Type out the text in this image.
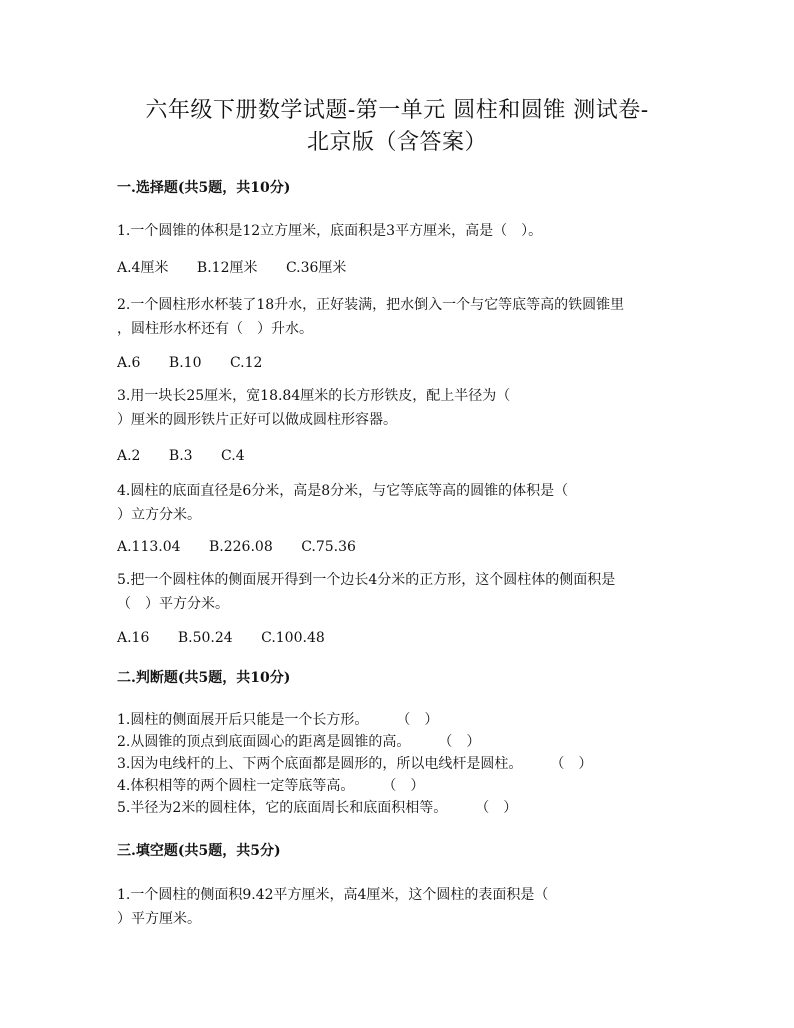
六年级下册数学试题-第一单元 圆柱和圆锥 测试卷-
北京版（含答案）
一.选择题(共5题，共10分)
1.一个圆锥的体积是12立方厘米，底面积是3平方厘米，高是（　）。
A.4厘米 B.12厘米 C.36厘米
2.一个圆柱形水杯装了18升水，正好装满，把水倒入一个与它等底等高的铁圆锥里
，圆柱形水杯还有（　）升水。
A.6 B.10 C.12
3.用一块长25厘米，宽18.84厘米的长方形铁皮，配上半径为（
）厘米的圆形铁片正好可以做成圆柱形容器。
A.2 B.3 C.4
4.圆柱的底面直径是6分米，高是8分米，与它等底等高的圆锥的体积是（
）立方分米。
A.113.04 B.226.08 C.75.36
5.把一个圆柱体的侧面展开得到一个边长4分米的正方形，这个圆柱体的侧面积是
（　）平方分米。
A.16 B.50.24 C.100.48
二.判断题(共5题，共10分)
1.圆柱的侧面展开后只能是一个长方形。 （　）
2.从圆锥的顶点到底面圆心的距离是圆锥的高。 （　）
3.因为电线杆的上、下两个底面都是圆形的，所以电线杆是圆柱。 （　）
4.体积相等的两个圆柱一定等底等高。 （　）
5.半径为2米的圆柱体，它的底面周长和底面积相等。 （　）
三.填空题(共5题，共5分)
1.一个圆柱的侧面积9.42平方厘米，高4厘米，这个圆柱的表面积是（
）平方厘米。
